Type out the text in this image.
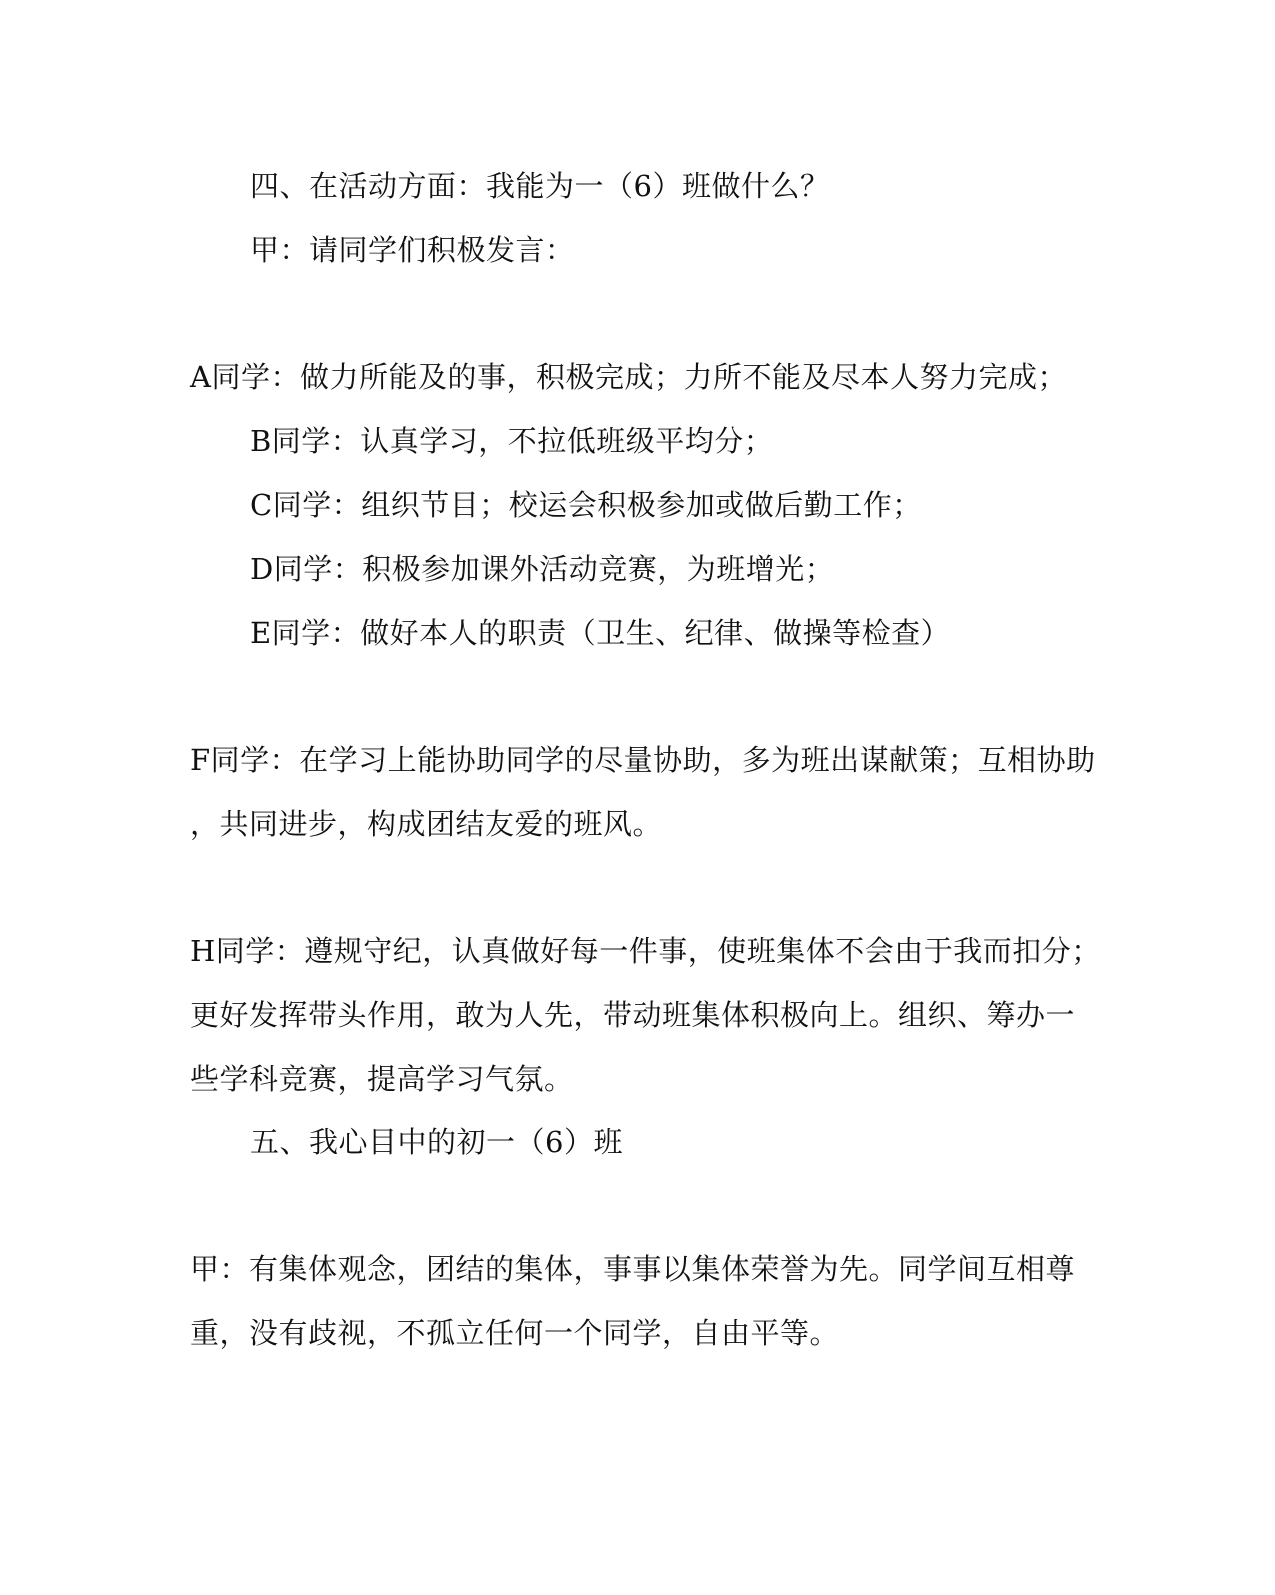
四、在活动方面：我能为一（6）班做什么？
甲：请同学们积极发言：
A同学：做力所能及的事，积极完成；力所不能及尽本人努力完成；
B同学：认真学习，不拉低班级平均分；
C同学：组织节目；校运会积极参加或做后勤工作；
D同学：积极参加课外活动竞赛，为班增光；
E同学：做好本人的职责（卫生、纪律、做操等检查）
F同学：在学习上能协助同学的尽量协助，多为班出谋献策；互相协助
，共同进步，构成团结友爱的班风。
H同学：遵规守纪，认真做好每一件事，使班集体不会由于我而扣分；
更好发挥带头作用，敢为人先，带动班集体积极向上。组织、筹办一
些学科竞赛，提高学习气氛。
五、我心目中的初一（6）班
甲：有集体观念，团结的集体，事事以集体荣誉为先。同学间互相尊
重，没有歧视，不孤立任何一个同学，自由平等。
